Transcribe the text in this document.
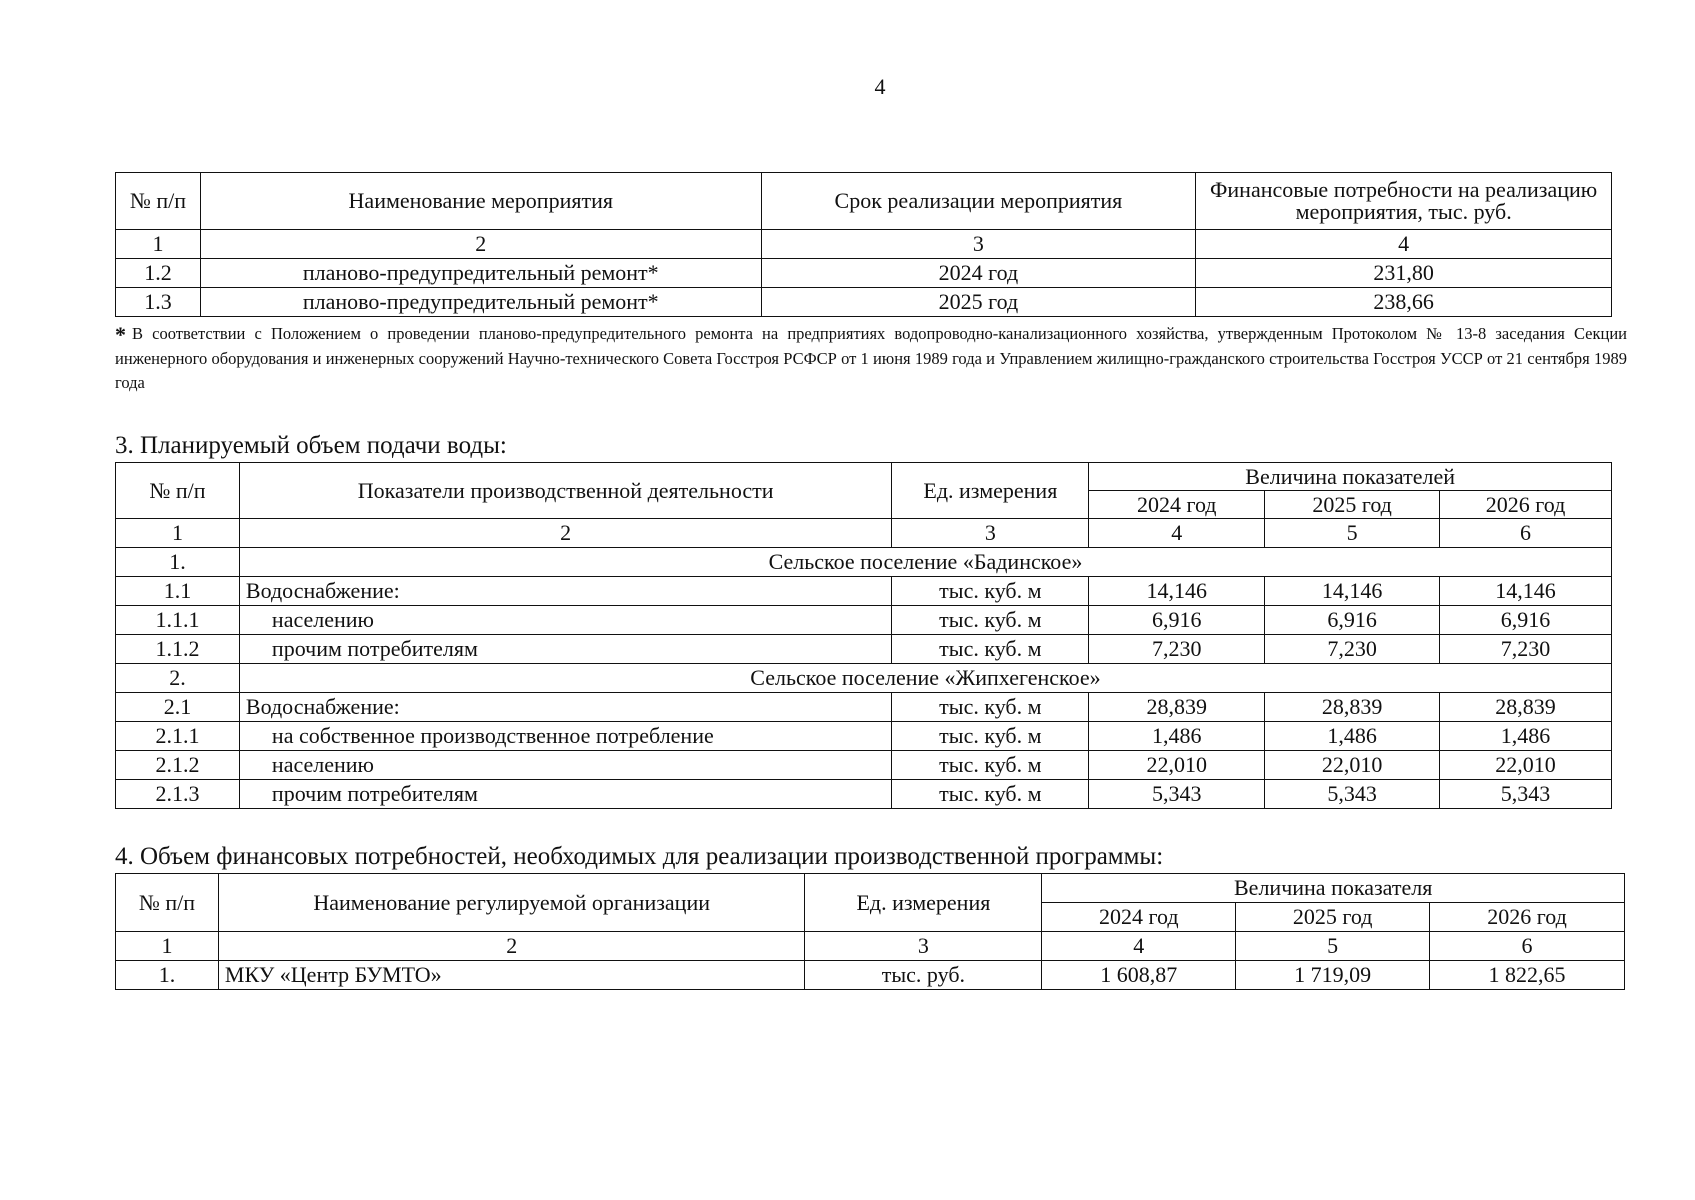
4
№ п/п	Наименование мероприятия	Срок реализации мероприятия	Финансовые потребности на реализацию мероприятия, тыс. руб.
1	2	3	4
1.2	планово-предупредительный ремонт*	2024 год	231,80
1.3	планово-предупредительный ремонт*	2025 год	238,66
* В соответствии с Положением о проведении планово-предупредительного ремонта на предприятиях водопроводно-канализационного хозяйства, утвержденным Протоколом № 13-8 заседания Секции инженерного оборудования и инженерных сооружений Научно-технического Совета Госстроя РСФСР от 1 июня 1989 года и Управлением жилищно-гражданского строительства Госстроя УССР от 21 сентября 1989 года
3. Планируемый объем подачи воды:
№ п/п	Показатели производственной деятельности	Ед. измерения	Величина показателей		
			2024 год	2025 год	2026 год
1	2	3	4	5	6
1.	Сельское поселение «Бадинское»				
1.1	Водоснабжение:	тыс. куб. м	14,146	14,146	14,146
1.1.1	населению	тыс. куб. м	6,916	6,916	6,916
1.1.2	прочим потребителям	тыс. куб. м	7,230	7,230	7,230
2.	Сельское поселение «Жипхегенское»				
2.1	Водоснабжение:	тыс. куб. м	28,839	28,839	28,839
2.1.1	на собственное производственное потребление	тыс. куб. м	1,486	1,486	1,486
2.1.2	населению	тыс. куб. м	22,010	22,010	22,010
2.1.3	прочим потребителям	тыс. куб. м	5,343	5,343	5,343
4. Объем финансовых потребностей, необходимых для реализации производственной программы:
№ п/п	Наименование регулируемой организации	Ед. измерения	Величина показателя		
			2024 год	2025 год	2026 год
1	2	3	4	5	6
1.	МКУ «Центр БУМТО»	тыс. руб.	1 608,87	1 719,09	1 822,65
